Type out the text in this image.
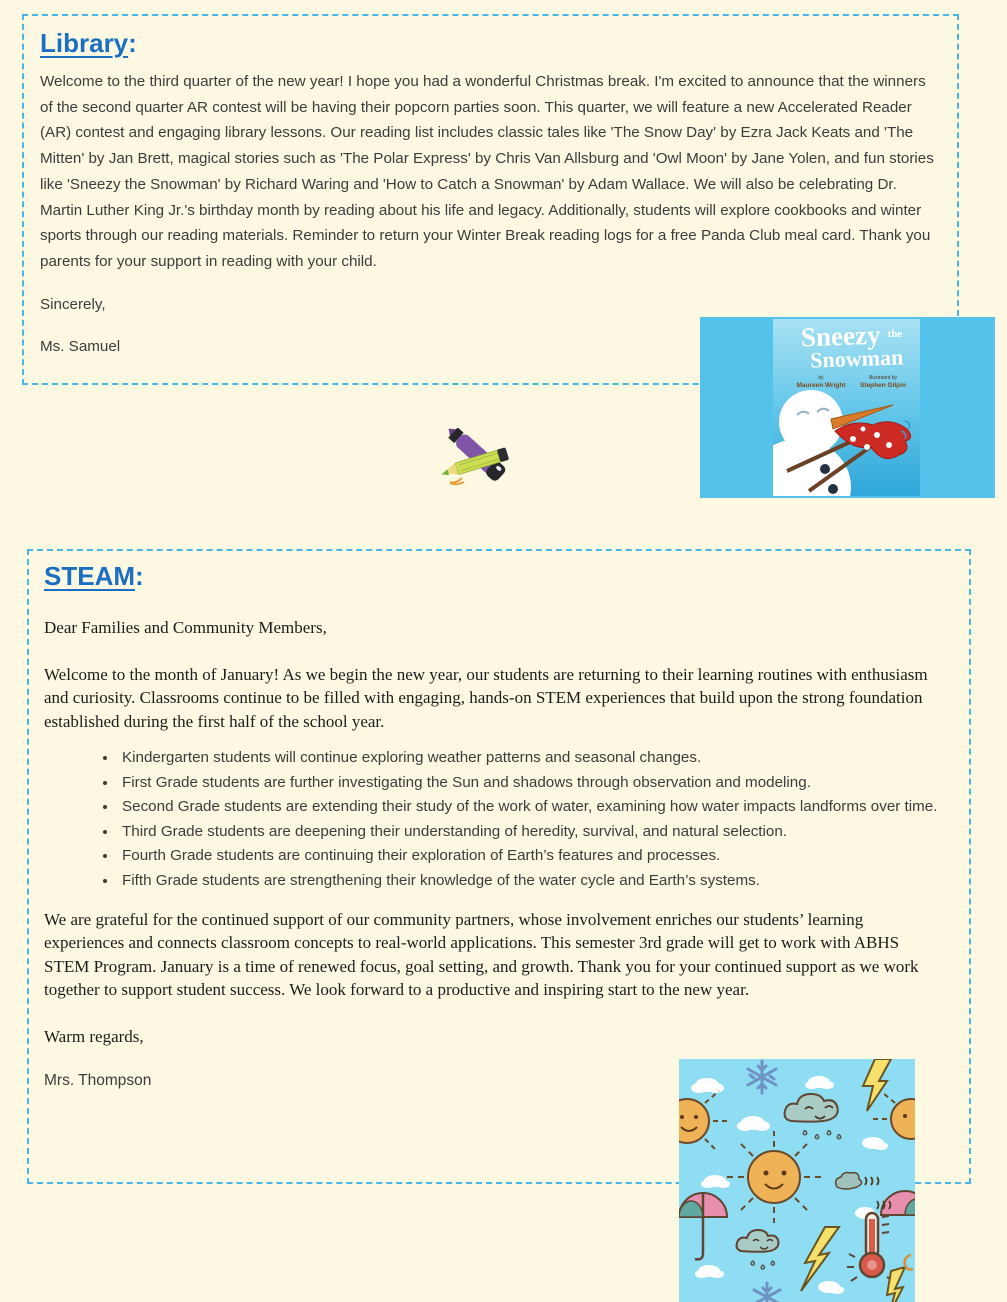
Library:

Welcome to the third quarter of the new year! I hope you had a wonderful Christmas break. I'm excited to announce that the winners of the second quarter AR contest will be having their popcorn parties soon. This quarter, we will feature a new Accelerated Reader (AR) contest and engaging library lessons. Our reading list includes classic tales like 'The Snow Day' by Ezra Jack Keats and 'The Mitten' by Jan Brett, magical stories such as 'The Polar Express' by Chris Van Allsburg and 'Owl Moon' by Jane Yolen, and fun stories like 'Sneezy the Snowman' by Richard Waring and 'How to Catch a Snowman' by Adam Wallace. We will also be celebrating Dr. Martin Luther King Jr.'s birthday month by reading about his life and legacy. Additionally, students will explore cookbooks and winter sports through our reading materials. Reminder to return your Winter Break reading logs for a free Panda Club meal card. Thank you parents for your support in reading with your child.

Sincerely,

Ms. Samuel	Sneezy the
Snowman
by
Maureen Wright
illustrated by
Stephen Gilpin
STEAM:

Dear Families and Community Members,

Welcome to the month of January! As we begin the new year, our students are returning to their learning routines with enthusiasm and curiosity. Classrooms continue to be filled with engaging, hands-on STEM experiences that build upon the strong foundation established during the first half of the school year.

• Kindergarten students will continue exploring weather patterns and seasonal changes.
• First Grade students are further investigating the Sun and shadows through observation and modeling.
• Second Grade students are extending their study of the work of water, examining how water impacts landforms over time.
• Third Grade students are deepening their understanding of heredity, survival, and natural selection.
• Fourth Grade students are continuing their exploration of Earth’s features and processes.
• Fifth Grade students are strengthening their knowledge of the water cycle and Earth’s systems.

We are grateful for the continued support of our community partners, whose involvement enriches our students’ learning experiences and connects classroom concepts to real-world applications. This semester 3rd grade will get to work with ABHS STEM Program. January is a time of renewed focus, goal setting, and growth. Thank you for your continued support as we work together to support student success. We look forward to a productive and inspiring start to the new year.

Warm regards,

Mrs. Thompson
